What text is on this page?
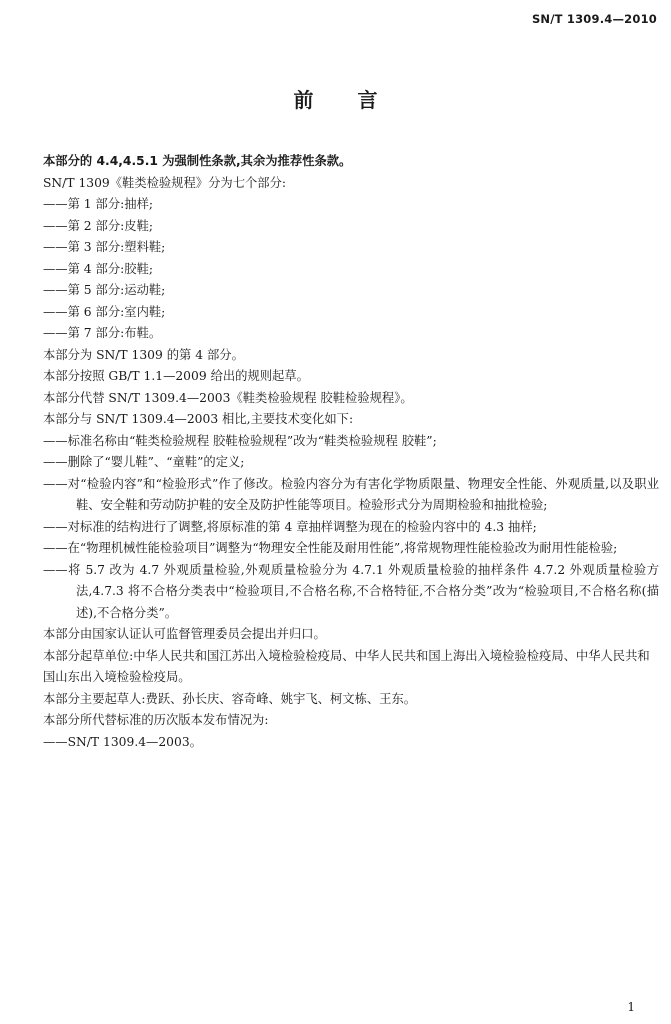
SN/T 1309.4—2010
前言

本部分的 4.4,4.5.1 为强制性条款,其余为推荐性条款。

SN/T 1309《鞋类检验规程》分为七个部分:

——第 1 部分:抽样;

——第 2 部分:皮鞋;

——第 3 部分:塑料鞋;

——第 4 部分:胶鞋;

——第 5 部分:运动鞋;

——第 6 部分:室内鞋;

——第 7 部分:布鞋。

本部分为 SN/T 1309 的第 4 部分。

本部分按照 GB/T 1.1—2009 给出的规则起草。

本部分代替 SN/T 1309.4—2003《鞋类检验规程 胶鞋检验规程》。

本部分与 SN/T 1309.4—2003 相比,主要技术变化如下:

——标准名称由“鞋类检验规程 胶鞋检验规程”改为“鞋类检验规程 胶鞋”;

——删除了“婴儿鞋”、“童鞋”的定义;

——对“检验内容”和“检验形式”作了修改。检验内容分为有害化学物质限量、物理安全性能、外观质量,以及职业鞋、安全鞋和劳动防护鞋的安全及防护性能等项目。检验形式分为周期检验和抽批检验;

——对标准的结构进行了调整,将原标准的第 4 章抽样调整为现在的检验内容中的 4.3 抽样;

——在“物理机械性能检验项目”调整为“物理安全性能及耐用性能”,将常规物理性能检验改为耐用性能检验;

——将 5.7 改为 4.7 外观质量检验,外观质量检验分为 4.7.1 外观质量检验的抽样条件 4.7.2 外观质量检验方法,4.7.3 将不合格分类表中“检验项目,不合格名称,不合格特征,不合格分类”改为“检验项目,不合格名称(描述),不合格分类”。

本部分由国家认证认可监督管理委员会提出并归口。

本部分起草单位:中华人民共和国江苏出入境检验检疫局、中华人民共和国上海出入境检验检疫局、中华人民共和国山东出入境检验检疫局。

本部分主要起草人:费跃、孙长庆、容奇峰、姚宇飞、柯文栋、王东。

本部分所代替标准的历次版本发布情况为:

——SN/T 1309.4—2003。

1
